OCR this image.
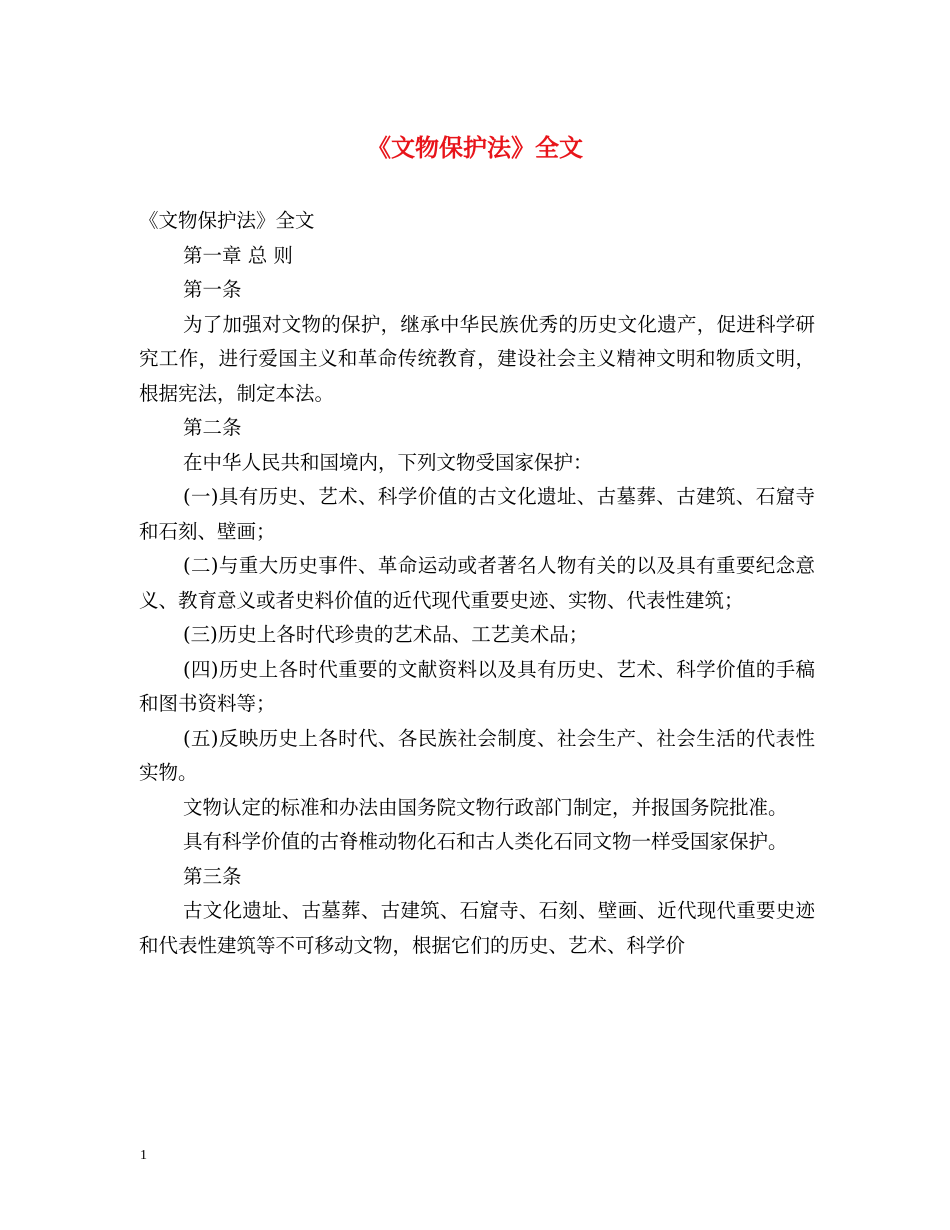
《文物保护法》全文

《文物保护法》全文

第一章 总 则

第一条

为了加强对文物的保护，继承中华民族优秀的历史文化遗产，促进科学研究工作，进行爱国主义和革命传统教育，建设社会主义精神文明和物质文明，根据宪法，制定本法。

第二条

在中华人民共和国境内，下列文物受国家保护：

(一)具有历史、艺术、科学价值的古文化遗址、古墓葬、古建筑、石窟寺和石刻、壁画；

(二)与重大历史事件、革命运动或者著名人物有关的以及具有重要纪念意义、教育意义或者史料价值的近代现代重要史迹、实物、代表性建筑；

(三)历史上各时代珍贵的艺术品、工艺美术品；

(四)历史上各时代重要的文献资料以及具有历史、艺术、科学价值的手稿和图书资料等；

(五)反映历史上各时代、各民族社会制度、社会生产、社会生活的代表性实物。

文物认定的标准和办法由国务院文物行政部门制定，并报国务院批准。

具有科学价值的古脊椎动物化石和古人类化石同文物一样受国家保护。

第三条

古文化遗址、古墓葬、古建筑、石窟寺、石刻、壁画、近代现代重要史迹和代表性建筑等不可移动文物，根据它们的历史、艺术、科学价

1
